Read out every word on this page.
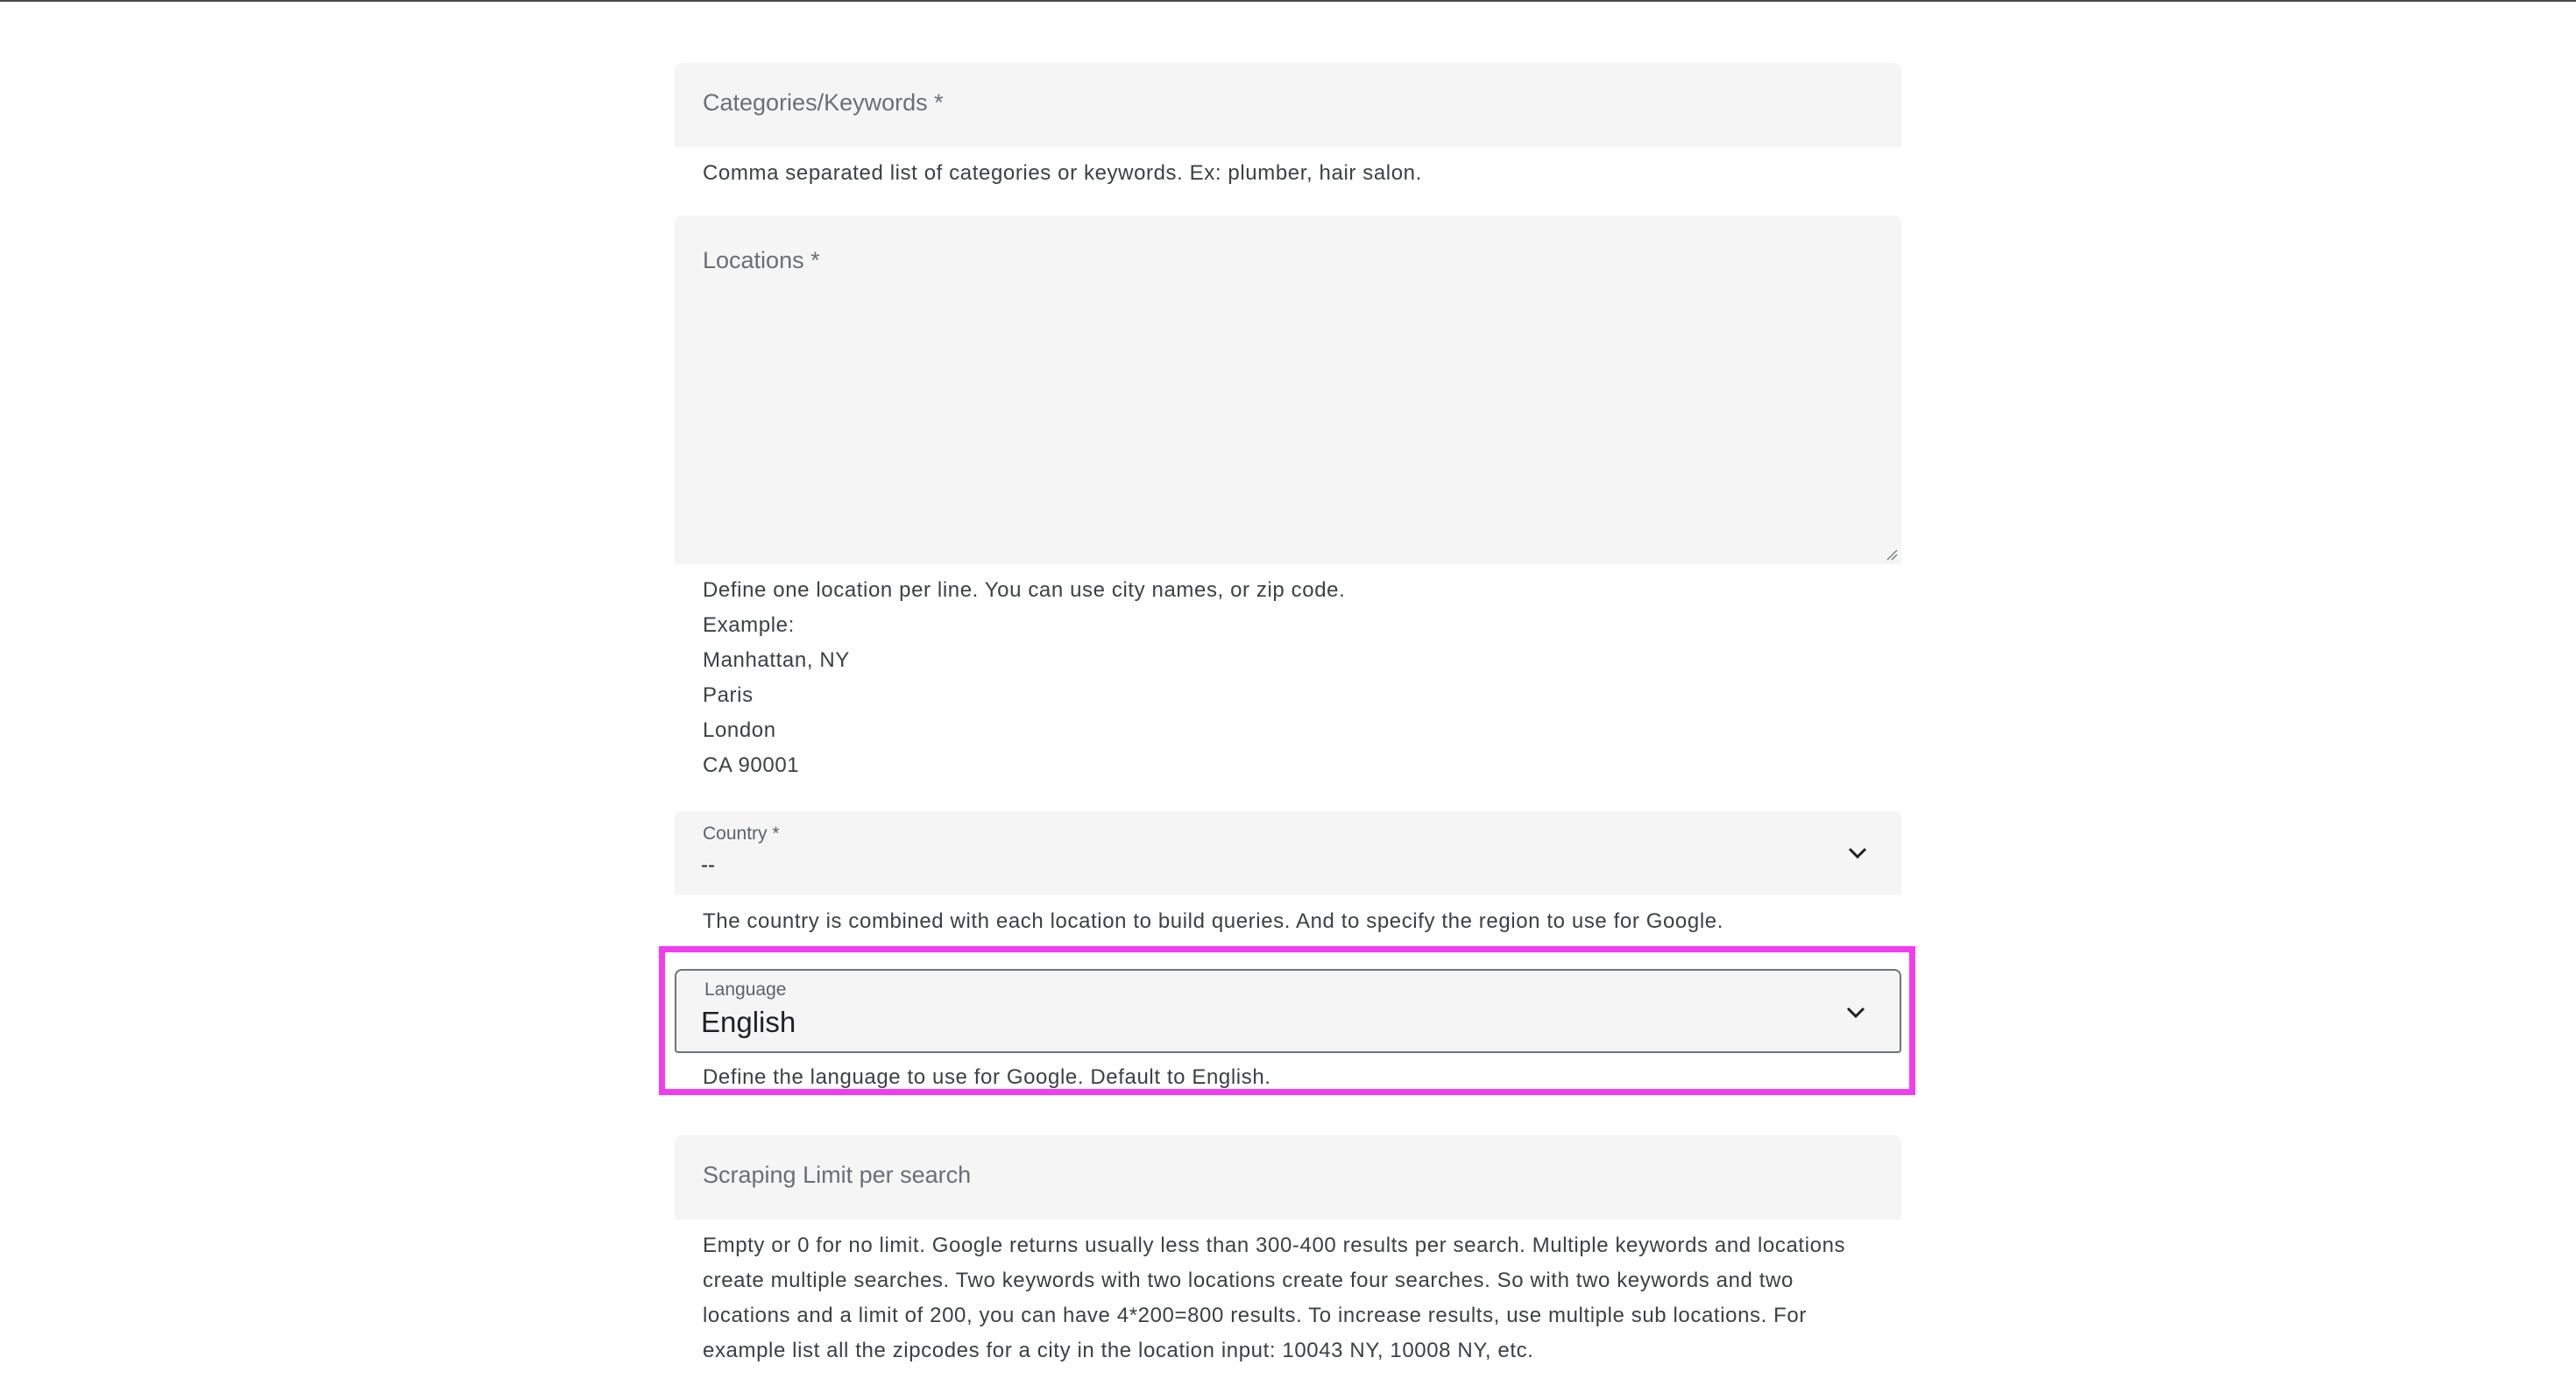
Categories/Keywords *
Comma separated list of categories or keywords. Ex: plumber, hair salon.
Locations *
Define one location per line. You can use city names, or zip code.
Example:
Manhattan, NY
Paris
London
CA 90001
Country *
--
The country is combined with each location to build queries. And to specify the region to use for Google.
Language
English
Define the language to use for Google. Default to English.
Scraping Limit per search
Empty or 0 for no limit. Google returns usually less than 300-400 results per search. Multiple keywords and locations
create multiple searches. Two keywords with two locations create four searches. So with two keywords and two
locations and a limit of 200, you can have 4*200=800 results. To increase results, use multiple sub locations. For
example list all the zipcodes for a city in the location input: 10043 NY, 10008 NY, etc.
